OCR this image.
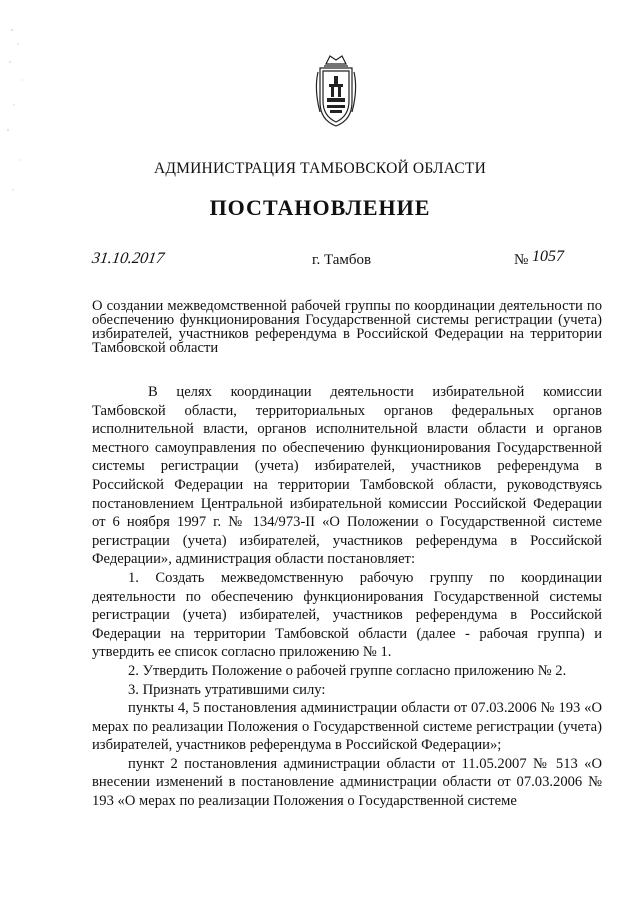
АДМИНИСТРАЦИЯ ТАМБОВСКОЙ ОБЛАСТИ
ПОСТАНОВЛЕНИЕ
31.10.2017	г. Тамбов	№ 1057
О создании межведомственной рабочей группы по координации деятельности по обеспечению функционирования Государственной системы регистрации (учета) избирателей, участников референдума в Российской Федерации на территории Тамбовской области

В целях координации деятельности избирательной комиссии Тамбовской области, территориальных органов федеральных органов исполнительной власти, органов исполнительной власти области и органов местного самоуправления по обеспечению функционирования Государственной системы регистрации (учета) избирателей, участников референдума в Российской Федерации на территории Тамбовской области, руководствуясь постановлением Центральной избирательной комиссии Российской Федерации от 6 ноября 1997 г. № 134/973-II «О Положении о Государственной системе регистрации (учета) избирателей, участников референдума в Российской Федерации», администрация области постановляет:

1. Создать межведомственную рабочую группу по координации деятельности по обеспечению функционирования Государственной системы регистрации (учета) избирателей, участников референдума в Российской Федерации на территории Тамбовской области (далее - рабочая группа) и утвердить ее список согласно приложению № 1.

2. Утвердить Положение о рабочей группе согласно приложению № 2.

3. Признать утратившими силу:

пункты 4, 5 постановления администрации области от 07.03.2006 № 193 «О мерах по реализации Положения о Государственной системе регистрации (учета) избирателей, участников референдума в Российской Федерации»;

пункт 2 постановления администрации области от 11.05.2007 № 513 «О внесении изменений в постановление администрации области от 07.03.2006 № 193 «О мерах по реализации Положения о Государственной системе
